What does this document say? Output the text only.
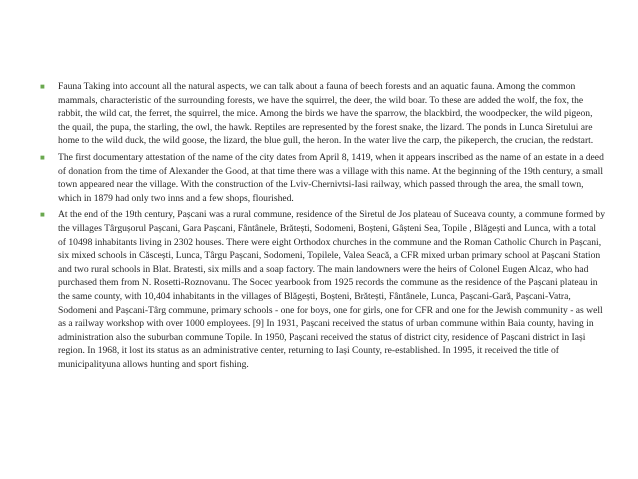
■ Fauna Taking into account all the natural aspects, we can talk about a fauna of beech forests and an aquatic fauna. Among the common mammals, characteristic of the surrounding forests, we have the squirrel, the deer, the wild boar. To these are added the wolf, the fox, the rabbit, the wild cat, the ferret, the squirrel, the mice. Among the birds we have the sparrow, the blackbird, the woodpecker, the wild pigeon, the quail, the pupa, the starling, the owl, the hawk. Reptiles are represented by the forest snake, the lizard. The ponds in Lunca Siretului are home to the wild duck, the wild goose, the lizard, the blue gull, the heron. In the water live the carp, the pikeperch, the crucian, the redstart.
■ The first documentary attestation of the name of the city dates from April 8, 1419, when it appears inscribed as the name of an estate in a deed of donation from the time of Alexander the Good, at that time there was a village with this name. At the beginning of the 19th century, a small town appeared near the village. With the construction of the Lviv-Chernivtsi-Iasi railway, which passed through the area, the small town, which in 1879 had only two inns and a few shops, flourished.
■ At the end of the 19th century, Pașcani was a rural commune, residence of the Siretul de Jos plateau of Suceava county, a commune formed by the villages Târgușorul Pașcani, Gara Pașcani, Fântânele, Brătești, Sodomeni, Boșteni, Gâșteni Sea, Topile , Blăgești and Lunca, with a total of 10498 inhabitants living in 2302 houses. There were eight Orthodox churches in the commune and the Roman Catholic Church in Pașcani, six mixed schools in Căscești, Lunca, Târgu Pașcani, Sodomeni, Topilele, Valea Seacă, a CFR mixed urban primary school at Pașcani Station and two rural schools in Blat. Bratesti, six mills and a soap factory. The main landowners were the heirs of Colonel Eugen Alcaz, who had purchased them from N. Rosetti-Roznovanu. The Socec yearbook from 1925 records the commune as the residence of the Pașcani plateau in the same county, with 10,404 inhabitants in the villages of Blăgești, Boșteni, Brătești, Fântânele, Lunca, Pașcani-Gară, Pașcani-Vatra, Sodomeni and Pașcani-Târg commune, primary schools - one for boys, one for girls, one for CFR and one for the Jewish community - as well as a railway workshop with over 1000 employees. [9] In 1931, Pașcani received the status of urban commune within Baia county, having in administration also the suburban commune Topile. In 1950, Pașcani received the status of district city, residence of Pașcani district in Iași region. In 1968, it lost its status as an administrative center, returning to Iași County, re-established. In 1995, it received the title of municipalityuna allows hunting and sport fishing.
